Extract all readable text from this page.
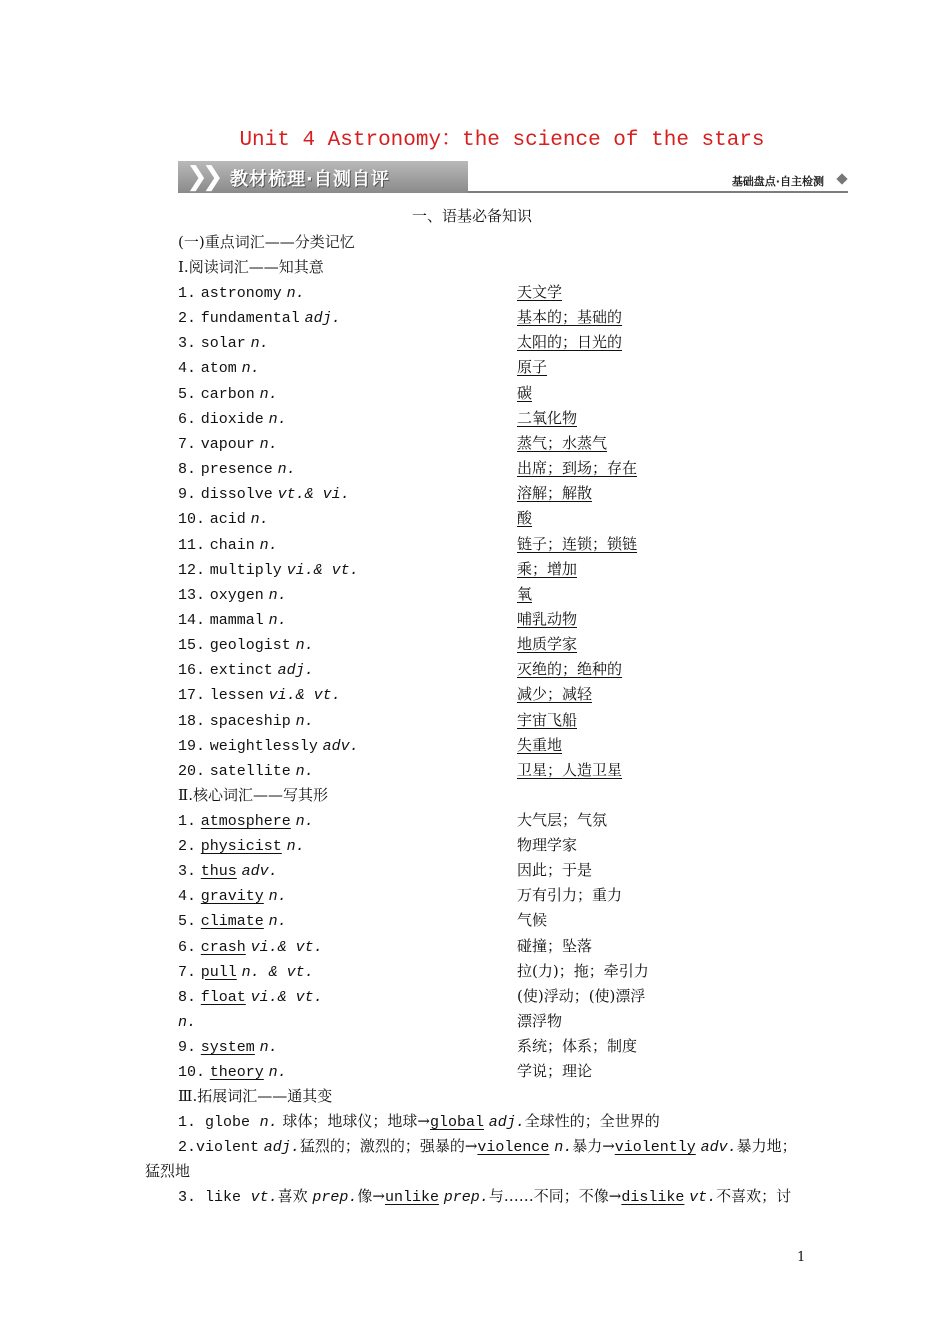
Unit 4 Astronomy：the science of the stars
❯❯ 教材梳理·自测自评	基础盘点·自主检测
一、语基必备知识
(一)重点词汇——分类记忆
Ⅰ.阅读词汇——知其意
1. astronomy n.	天文学
2. fundamental adj.	基本的；基础的
3. solar n.	太阳的；日光的
4. atom n.	原子
5. carbon n.	碳
6. dioxide n.	二氧化物
7. vapour n.	蒸气；水蒸气
8. presence n.	出席；到场；存在
9. dissolve vt.& vi.	溶解；解散
10. acid n.	酸
11. chain n.	链子；连锁；锁链
12. multiply vi.& vt.	乘；增加
13. oxygen n.	氧
14. mammal n.	哺乳动物
15. geologist n.	地质学家
16. extinct adj.	灭绝的；绝种的
17. lessen vi.& vt.	减少；减轻
18. spaceship n.	宇宙飞船
19. weightlessly adv.	失重地
20. satellite n.	卫星；人造卫星
Ⅱ.核心词汇——写其形
1. atmosphere n.	大气层；气氛
2. physicist n.	物理学家
3. thus adv.	因此；于是
4. gravity n.	万有引力；重力
5. climate n.	气候
6. crash vi.& vt.	碰撞；坠落
7. pull n. & vt.	拉(力)；拖；牵引力
8. float vi.& vt.	(使)浮动；(使)漂浮
n.	漂浮物
9. system n.	系统；体系；制度
10. theory n.	学说；理论
Ⅲ.拓展词汇——通其变
1. globe n. 球体；地球仪；地球→global adj.全球性的；全世界的
2.violent adj.猛烈的；激烈的；强暴的→violence n.暴力→violently adv.暴力地；
猛烈地
3. like vt.喜欢 prep.像→unlike prep.与……不同；不像→dislike vt.不喜欢；讨
1
